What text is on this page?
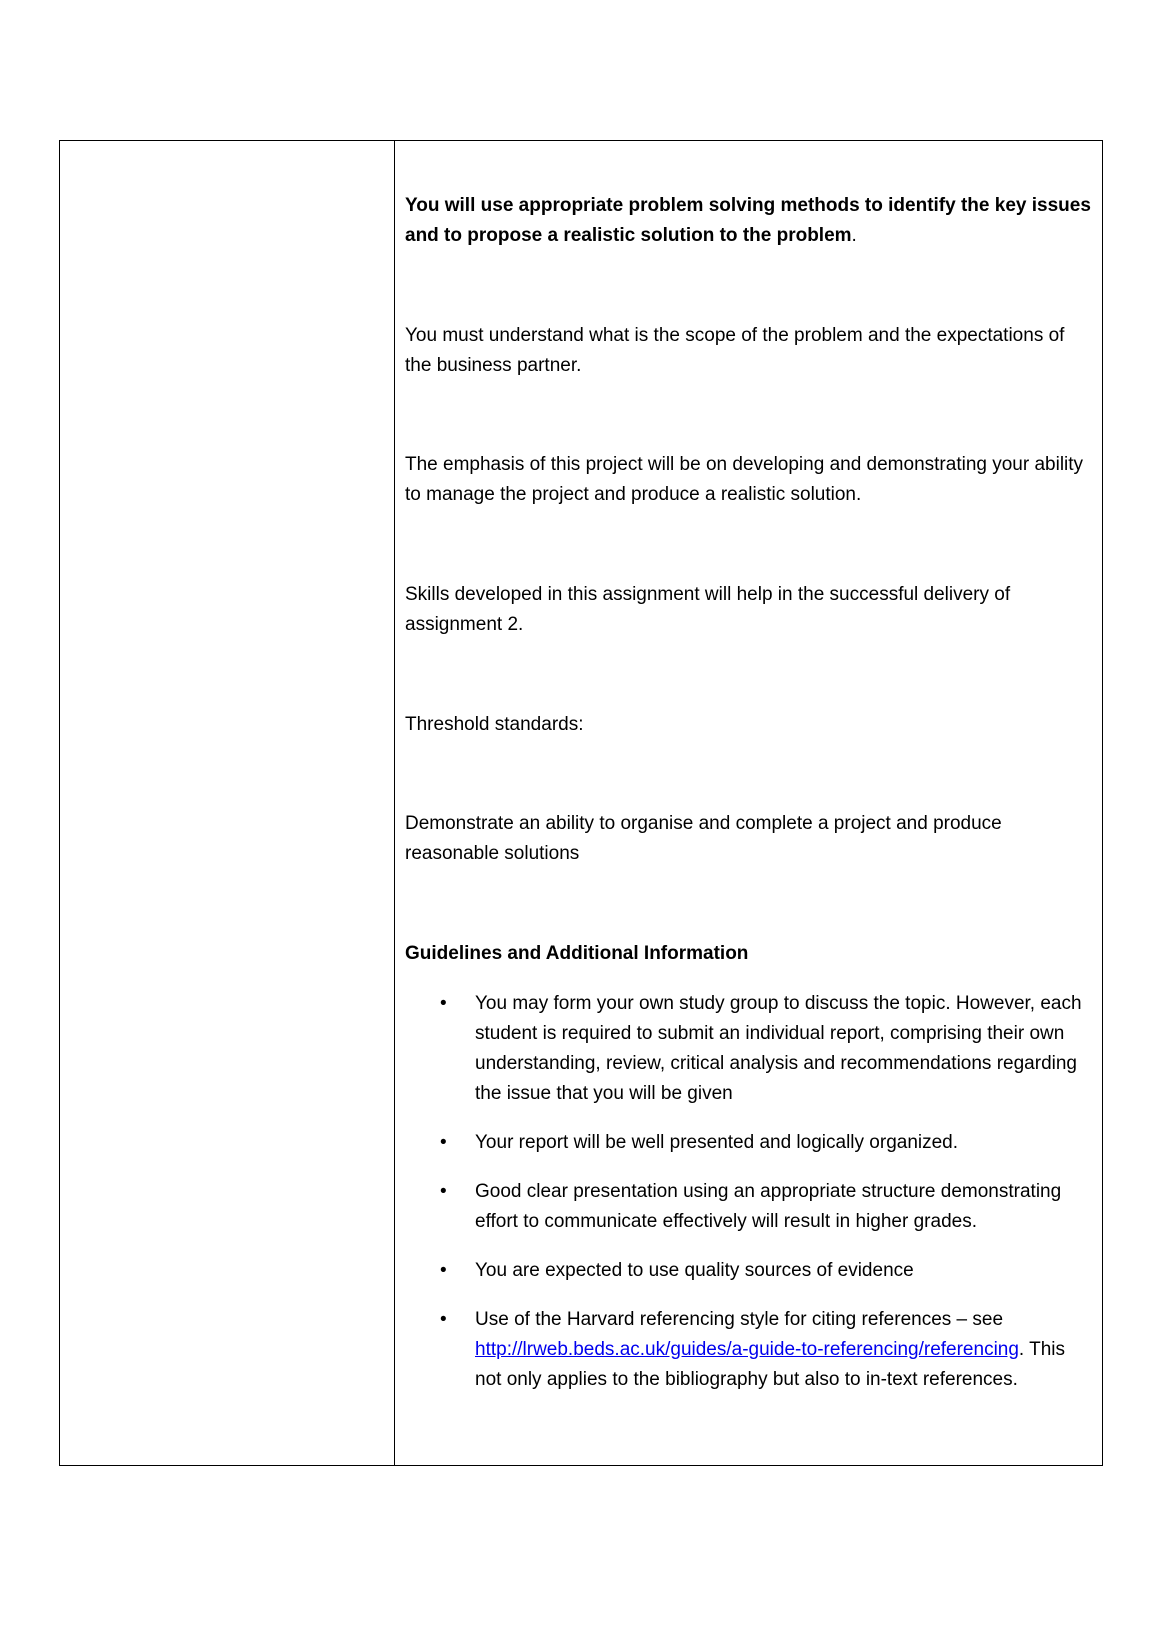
You will use appropriate problem solving methods to identify the key issues and to propose a realistic solution to the problem.

You must understand what is the scope of the problem and the expectations of the business partner.

The emphasis of this project will be on developing and demonstrating your ability to manage the project and produce a realistic solution.

Skills developed in this assignment will help in the successful delivery of assignment 2.

Threshold standards:

Demonstrate an ability to organise and complete a project and produce reasonable solutions

Guidelines and Additional Information

•	You may form your own study group to discuss the topic. However, each student is required to submit an individual report, comprising their own understanding, review, critical analysis and recommendations regarding the issue that you will be given
•	Your report will be well presented and logically organized.
•	Good clear presentation using an appropriate structure demonstrating effort to communicate effectively will result in higher grades.
•	You are expected to use quality sources of evidence
•	Use of the Harvard referencing style for citing references – see http://lrweb.beds.ac.uk/guides/a-guide-to-referencing/referencing. This not only applies to the bibliography but also to in-text references.
